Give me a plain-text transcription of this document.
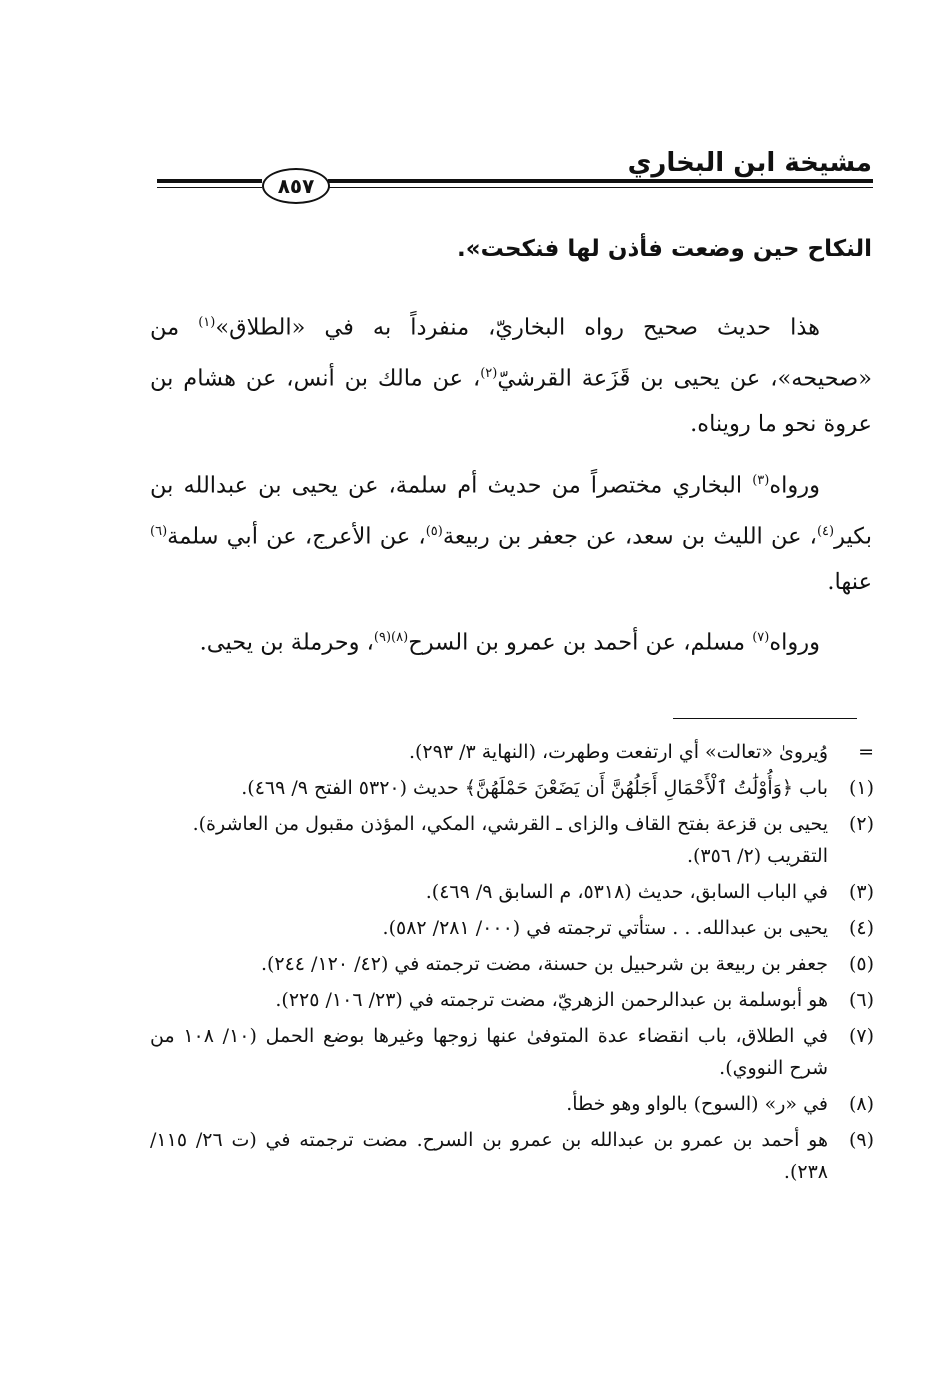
مشيخة ابن البخاري
٨٥٧
النكاح حين وضعت فأذن لها فنكحت».
هذا حديث صحيح رواه البخاريّ، منفرداً به في «الطلاق»$^{(١)}$ من «صحيحه»، عن يحيى بن قَزَعة القرشيّ$^{(٢)}$، عن مالك بن أنس، عن هشام بن عروة نحو ما رويناه.
ورواه$^{(٣)}$ البخاري مختصراً من حديث أم سلمة، عن يحيى بن عبدالله بن بكير$^{(٤)}$، عن الليث بن سعد، عن جعفر بن ربيعة$^{(٥)}$، عن الأعرج، عن أبي سلمة$^{(٦)}$ عنها.
ورواه$^{(٧)}$ مسلم، عن أحمد بن عمرو بن السرح$^{(٨)(٩)}$، وحرملة بن يحيى.
=
وُيروىٰ «تعالت» أي ارتفعت وطهرت، (النهاية ٣/ ٢٩٣).
(١)
باب ﴿وَأُوْلَٰتُ ٱلْأَحْمَالِ أَجَلُهُنَّ أَن يَضَعْنَ حَمْلَهُنَّ﴾ حديث (٥٣٢٠ الفتح ٩/ ٤٦٩).
(٢)
يحيى بن قزعة بفتح القاف والزاى ـ القرشي، المكي، المؤذن مقبول من العاشرة).
التقريب (٢/ ٣٥٦).
(٣)
في الباب السابق، حديث (٥٣١٨، م السابق ٩/ ٤٦٩).
(٤)
يحيى بن عبدالله. . . ستأتي ترجمته في (٠٠٠/ ٢٨١/ ٥٨٢).
(٥)
جعفر بن ربيعة بن شرحبيل بن حسنة، مضت ترجمته في (٤٢/ ١٢٠/ ٢٤٤).
(٦)
هو أبوسلمة بن عبدالرحمن الزهريّ، مضت ترجمته في (٢٣/ ١٠٦/ ٢٢٥).
(٧)
في الطلاق، باب انقضاء عدة المتوفىٰ عنها زوجها وغيرها بوضع الحمل (١٠/ ١٠٨ من شرح النووي).
(٨)
في «ر» (السوح) بالواو وهو خطأ.
(٩)
هو أحمد بن عمرو بن عبدالله بن عمرو بن السرح. مضت ترجمته في (ت ٢٦/ ١١٥/ ٢٣٨).
